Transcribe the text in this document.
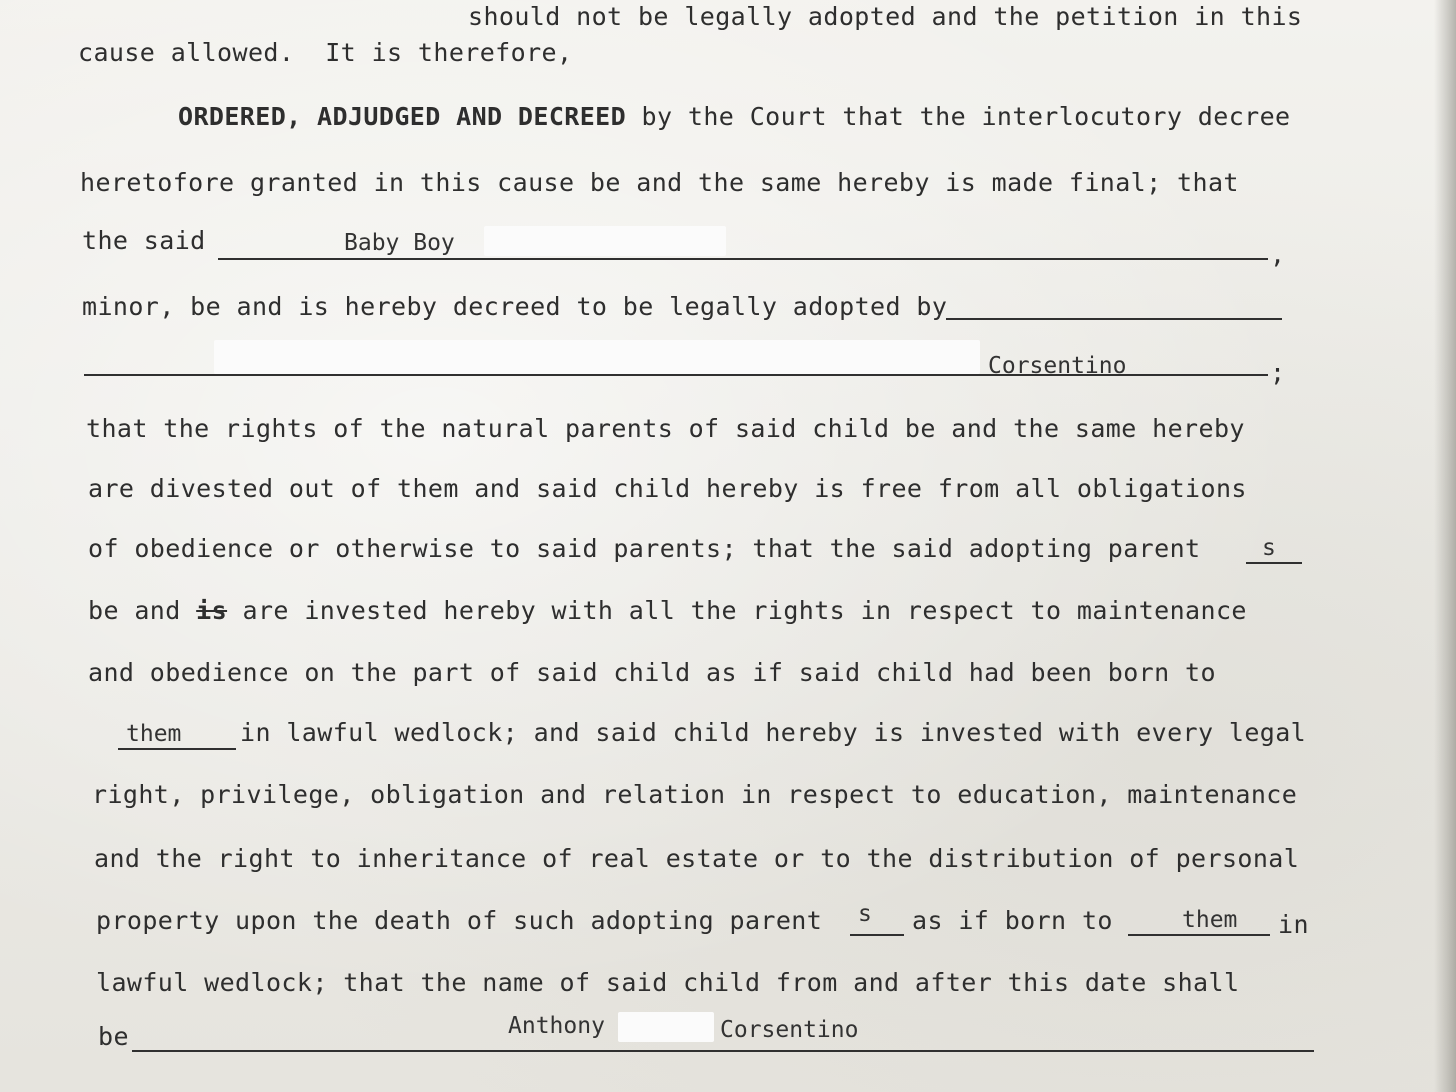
should not be legally adopted and the petition in this
cause allowed.  It is therefore,
ORDERED, ADJUDGED AND DECREED by the Court that the interlocutory decree
heretofore granted in this cause be and the same hereby is made final; that
the said	Baby Boy	,
minor, be and is hereby decreed to be legally adopted by
Corsentino	;
that the rights of the natural parents of said child be and the same hereby
are divested out of them and said child hereby is free from all obligations
of obedience or otherwise to said parents; that the said adopting parent	s
be and is are invested hereby with all the rights in respect to maintenance
and obedience on the part of said child as if said child had been born to
them in lawful wedlock; and said child hereby is invested with every legal
right, privilege, obligation and relation in respect to education, maintenance
and the right to inheritance of real estate or to the distribution of personal
property upon the death of such adopting parent s as if born to	them in
lawful wedlock; that the name of said child from and after this date shall
be	Anthony	Corsentino
